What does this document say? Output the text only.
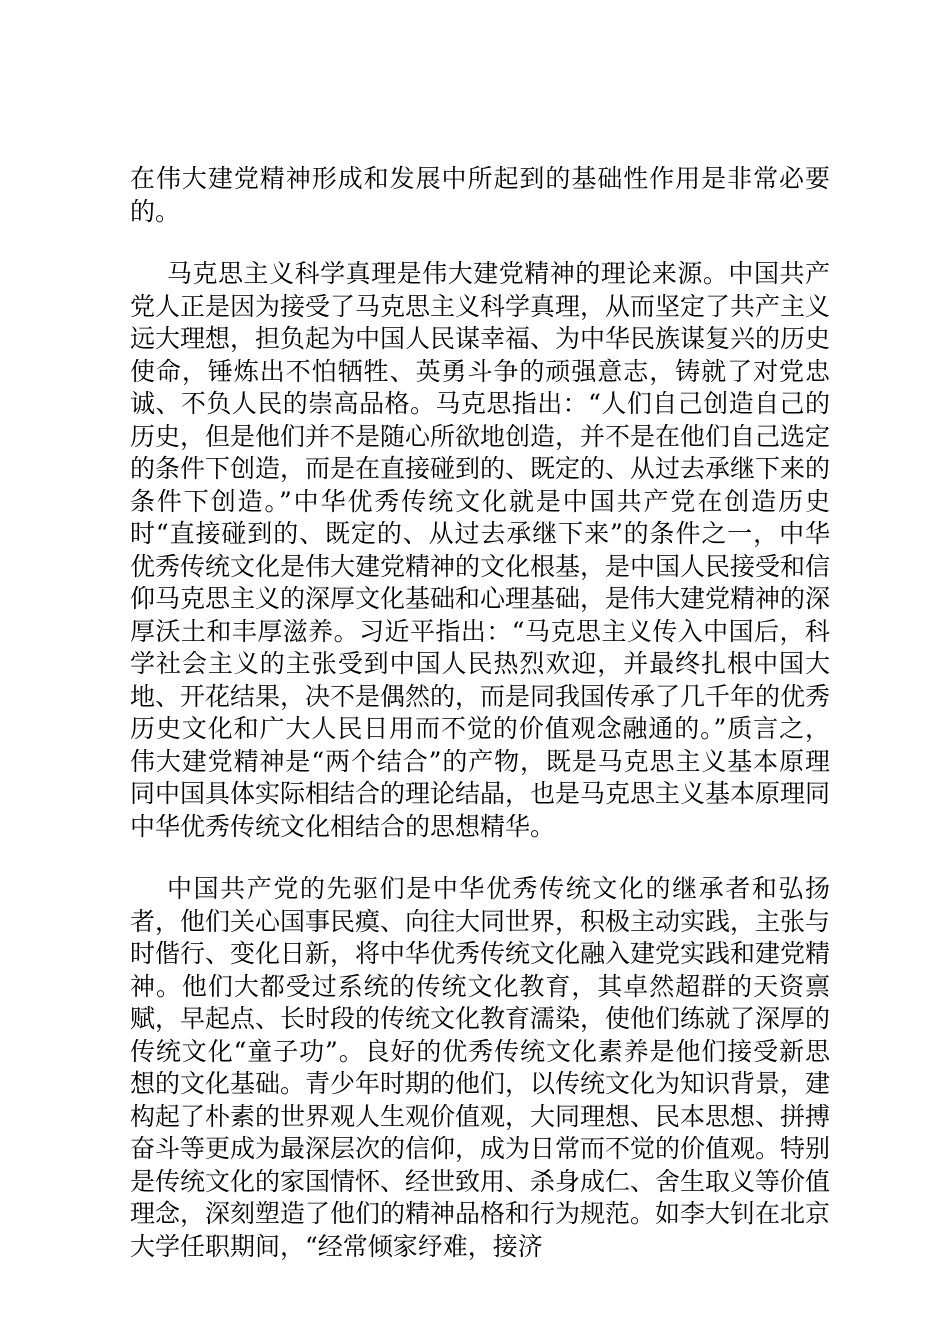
在伟大建党精神形成和发展中所起到的基础性作用是非常必要的。

马克思主义科学真理是伟大建党精神的理论来源。中国共产党人正是因为接受了马克思主义科学真理，从而坚定了共产主义远大理想，担负起为中国人民谋幸福、为中华民族谋复兴的历史使命，锤炼出不怕牺牲、英勇斗争的顽强意志，铸就了对党忠诚、不负人民的崇高品格。马克思指出：“人们自己创造自己的历史，但是他们并不是随心所欲地创造，并不是在他们自己选定的条件下创造，而是在直接碰到的、既定的、从过去承继下来的条件下创造。”中华优秀传统文化就是中国共产党在创造历史时“直接碰到的、既定的、从过去承继下来”的条件之一，中华优秀传统文化是伟大建党精神的文化根基，是中国人民接受和信仰马克思主义的深厚文化基础和心理基础，是伟大建党精神的深厚沃土和丰厚滋养。习近平指出：“马克思主义传入中国后，科学社会主义的主张受到中国人民热烈欢迎，并最终扎根中国大地、开花结果，决不是偶然的，而是同我国传承了几千年的优秀历史文化和广大人民日用而不觉的价值观念融通的。”质言之，伟大建党精神是“两个结合”的产物，既是马克思主义基本原理同中国具体实际相结合的理论结晶，也是马克思主义基本原理同中华优秀传统文化相结合的思想精华。

中国共产党的先驱们是中华优秀传统文化的继承者和弘扬者，他们关心国事民瘼、向往大同世界，积极主动实践，主张与时偕行、变化日新，将中华优秀传统文化融入建党实践和建党精神。他们大都受过系统的传统文化教育，其卓然超群的天资禀赋，早起点、长时段的传统文化教育濡染，使他们练就了深厚的传统文化“童子功”。良好的优秀传统文化素养是他们接受新思想的文化基础。青少年时期的他们，以传统文化为知识背景，建构起了朴素的世界观人生观价值观，大同理想、民本思想、拼搏奋斗等更成为最深层次的信仰，成为日常而不觉的价值观。特别是传统文化的家国情怀、经世致用、杀身成仁、舍生取义等价值理念，深刻塑造了他们的精神品格和行为规范。如李大钊在北京大学任职期间，“经常倾家纾难，接济
